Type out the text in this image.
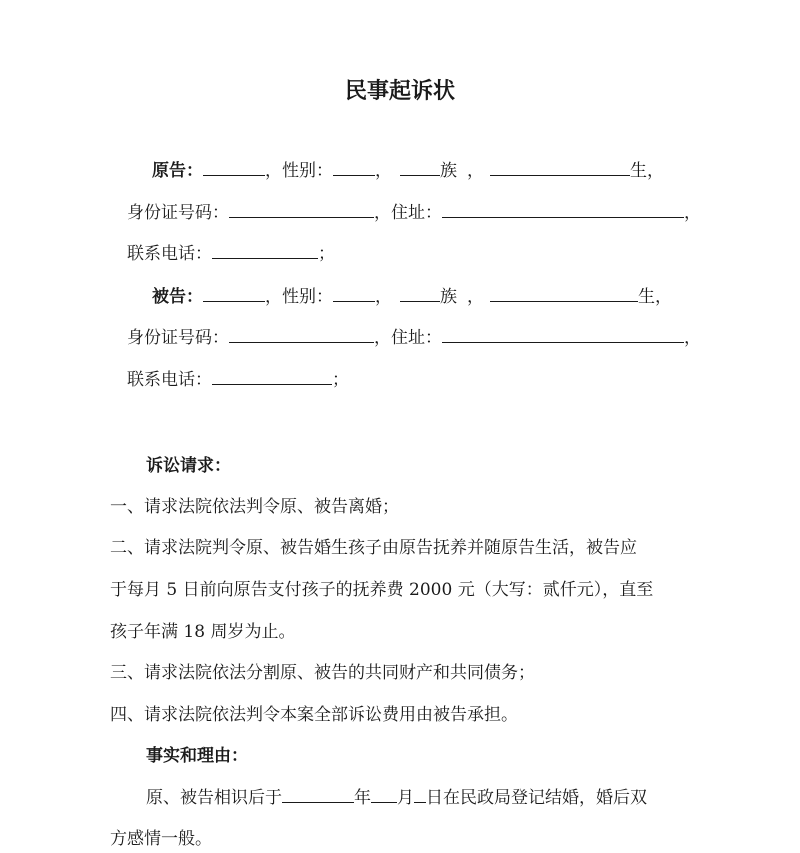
民事起诉状
原告：	，性别： ，	族 ，	生，
身份证号码：	，住址：	，
联系电话：	；
被告：	，性别： ，	族 ，	生，
身份证号码：	，住址：	，
联系电话：	；
诉讼请求：
一、请求法院依法判令原、被告离婚；
二、请求法院判令原、被告婚生孩子由原告抚养并随原告生活，被告应
于每月 5 日前向原告支付孩子的抚养费 2000 元（大写：贰仟元），直至
孩子年满 18 周岁为止。
三、请求法院依法分割原、被告的共同财产和共同债务；
四、请求法院依法判令本案全部诉讼费用由被告承担。
事实和理由：
原、被告相识后于	年 月 日在民政局登记结婚，婚后双
方感情一般。
